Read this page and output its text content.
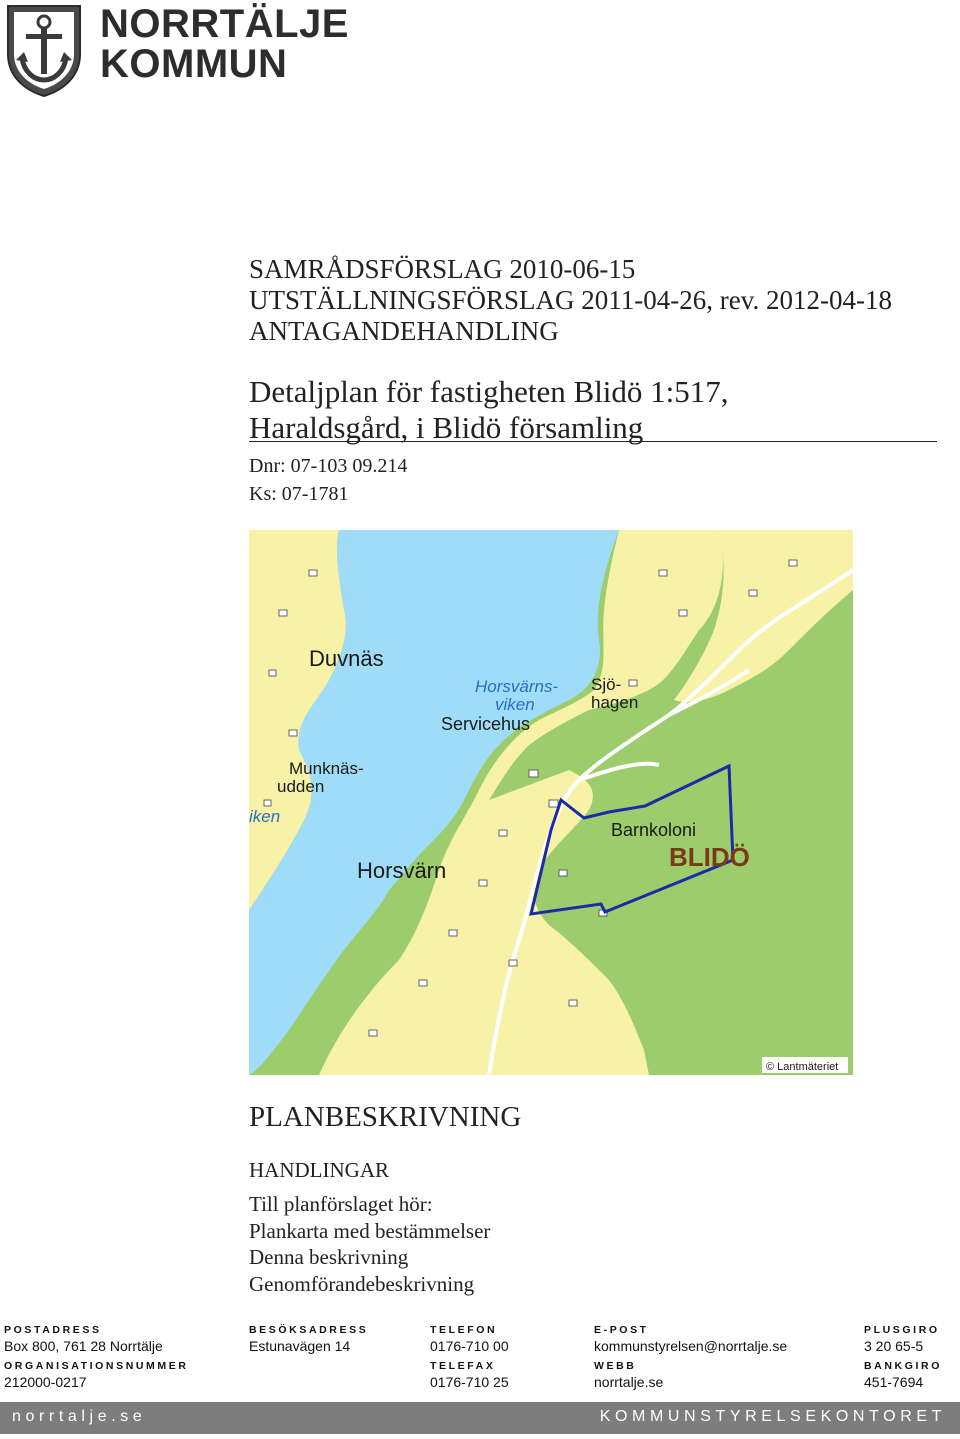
NORRTÄLJE
KOMMUN
SAMRÅDSFÖRSLAG 2010-06-15
UTSTÄLLNINGSFÖRSLAG 2011-04-26, rev. 2012-04-18
ANTAGANDEHANDLING
Detaljplan för fastigheten Blidö 1:517,
Haraldsgård, i Blidö församling
Dnr: 07-103 09.214
Ks: 07-1781
Duvnäs
Horsvärns-
viken
Servicehus
Sjö-
hagen
Munknäs-
udden
iken
Horsvärn
Barnkoloni
BLIDÖ
© Lantmäteriet
PLANBESKRIVNING
HANDLINGAR
Till planförslaget hör:
Plankarta med bestämmelser
Denna beskrivning
Genomförandebeskrivning
POSTADRESS
Box 800, 761 28 Norrtälje
BESÖKSADRESS
Estunavägen 14
TELEFON
0176-710 00
E-POST
kommunstyrelsen@norrtalje.se
PLUSGIRO
3 20 65-5
ORGANISATIONSNUMMER
212000-0217
TELEFAX
0176-710 25
WEBB
norrtalje.se
BANKGIRO
451-7694
norrtalje.se	KOMMUNSTYRELSEKONTORET
